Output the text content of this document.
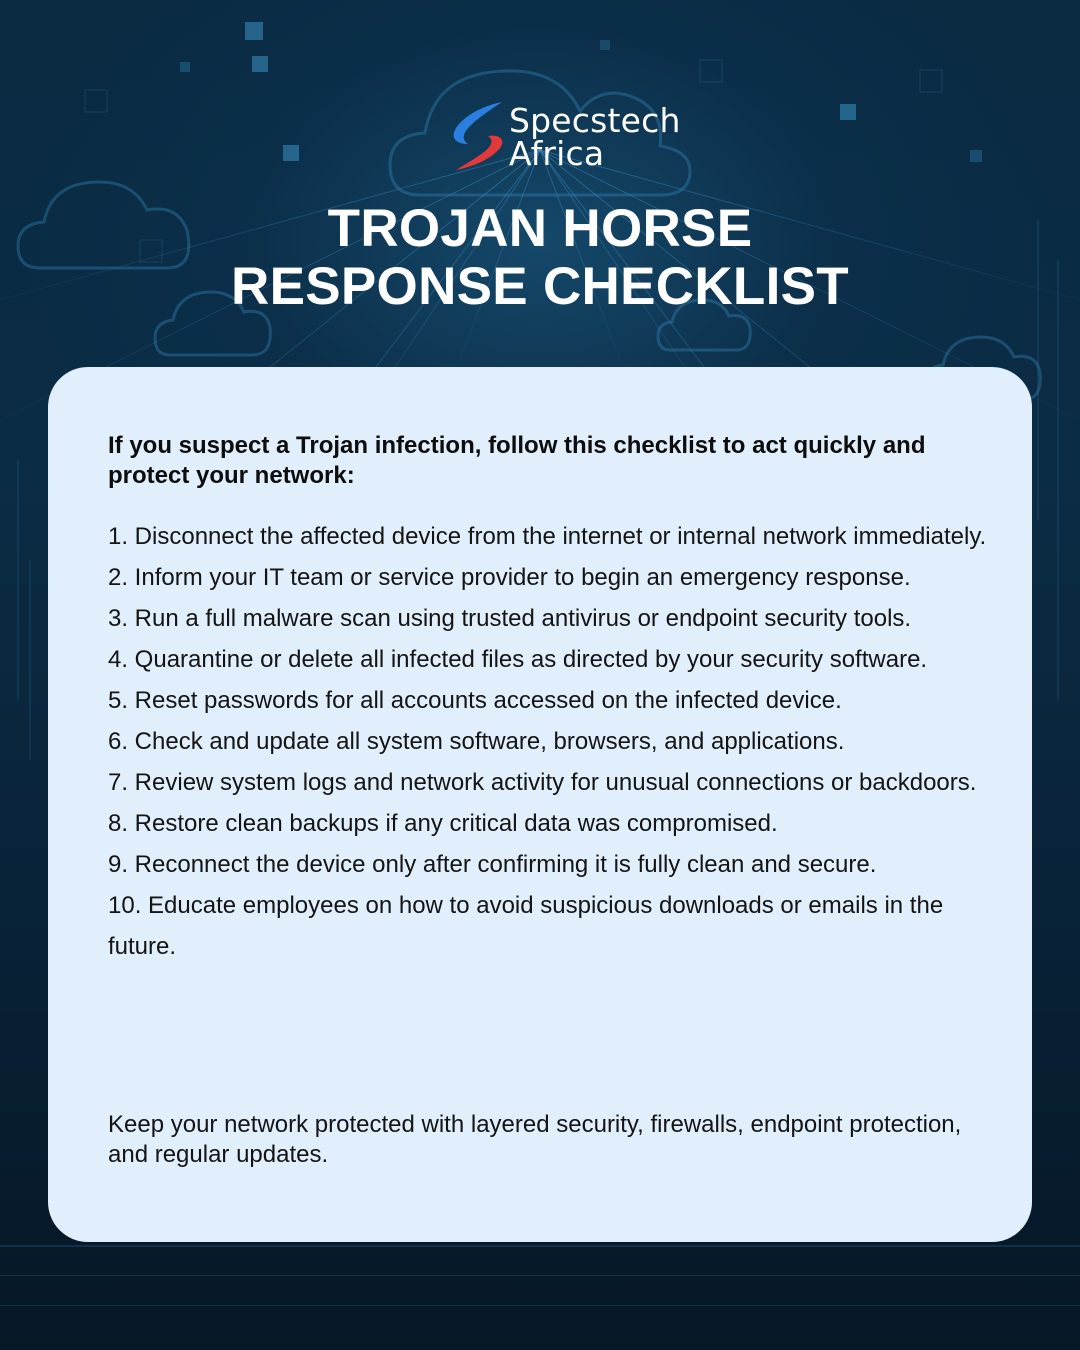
Specstech
Africa
TROJAN HORSE
RESPONSE CHECKLIST

If you suspect a Trojan infection, follow this checklist to act quickly and protect your network:

1. Disconnect the affected device from the internet or internal network immediately.
2. Inform your IT team or service provider to begin an emergency response.
3. Run a full malware scan using trusted antivirus or endpoint security tools.
4. Quarantine or delete all infected files as directed by your security software.
5. Reset passwords for all accounts accessed on the infected device.
6. Check and update all system software, browsers, and applications.
7. Review system logs and network activity for unusual connections or backdoors.
8. Restore clean backups if any critical data was compromised.
9. Reconnect the device only after confirming it is fully clean and secure.
10. Educate employees on how to avoid suspicious downloads or emails in the future.

Keep your network protected with layered security, firewalls, endpoint protection, and regular updates.
